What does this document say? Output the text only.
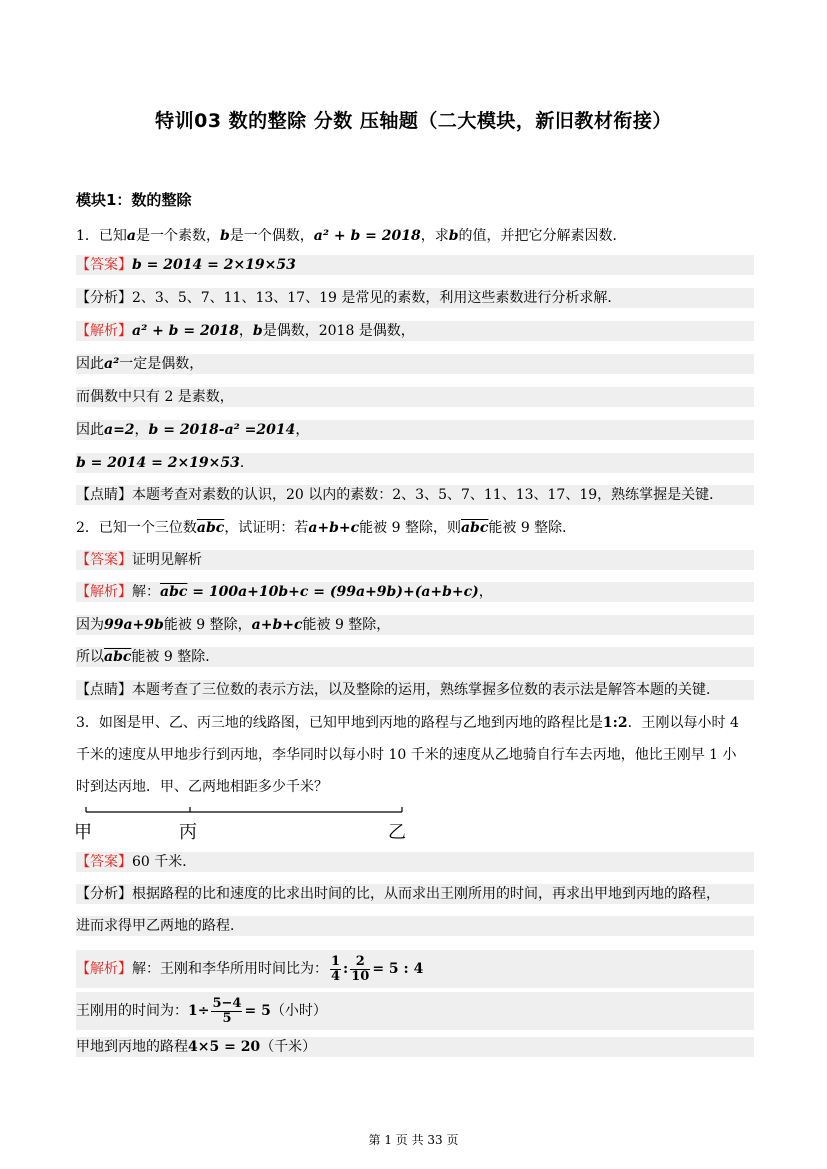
特训03 数的整除 分数 压轴题（二大模块，新旧教材衔接）
模块1：数的整除
1．已知a是一个素数，b是一个偶数，a² + b = 2018，求b的值，并把它分解素因数．
【答案】b = 2014 = 2×19×53
【分析】2、3、5、7、11、13、17、19 是常见的素数，利用这些素数进行分析求解．
【解析】a² + b = 2018，b是偶数，2018 是偶数，
因此a²一定是偶数，
而偶数中只有 2 是素数，
因此a=2，b = 2018-a² =2014，
b = 2014 = 2×19×53．
【点睛】本题考查对素数的认识，20 以内的素数：2、3、5、7、11、13、17、19，熟练掌握是关键．
2．已知一个三位数$\overline{abc}$，试证明：若a+b+c能被 9 整除，则$\overline{abc}$能被 9 整除．
【答案】证明见解析
【解析】解：$\overline{abc} = 100a+10b+c = (99a+9b)+(a+b+c)$，
因为99a+9b能被 9 整除，a+b+c能被 9 整除，
所以$\overline{abc}$能被 9 整除．
【点睛】本题考查了三位数的表示方法，以及整除的运用，熟练掌握多位数的表示法是解答本题的关键．
3．如图是甲、乙、丙三地的线路图，已知甲地到丙地的路程与乙地到丙地的路程比是1:2．王刚以每小时 4
千米的速度从甲地步行到丙地，李华同时以每小时 10 千米的速度从乙地骑自行车去丙地，他比王刚早 1 小
时到达丙地．甲、乙两地相距多少千米？
甲	丙	乙
【答案】60 千米．
【分析】根据路程的比和速度的比求出时间的比，从而求出王刚所用的时间，再求出甲地到丙地的路程，
进而求得甲乙两地的路程．
【解析】解：王刚和李华所用时间比为： $\frac{1}{4}$ : $\frac{2}{10} = 5$ : 4
王刚用的时间为：$1\div \frac{5-4}{5} = 5$（小时）
甲地到丙地的路程4×5 = 20（千米）
第 1 页 共 33 页
